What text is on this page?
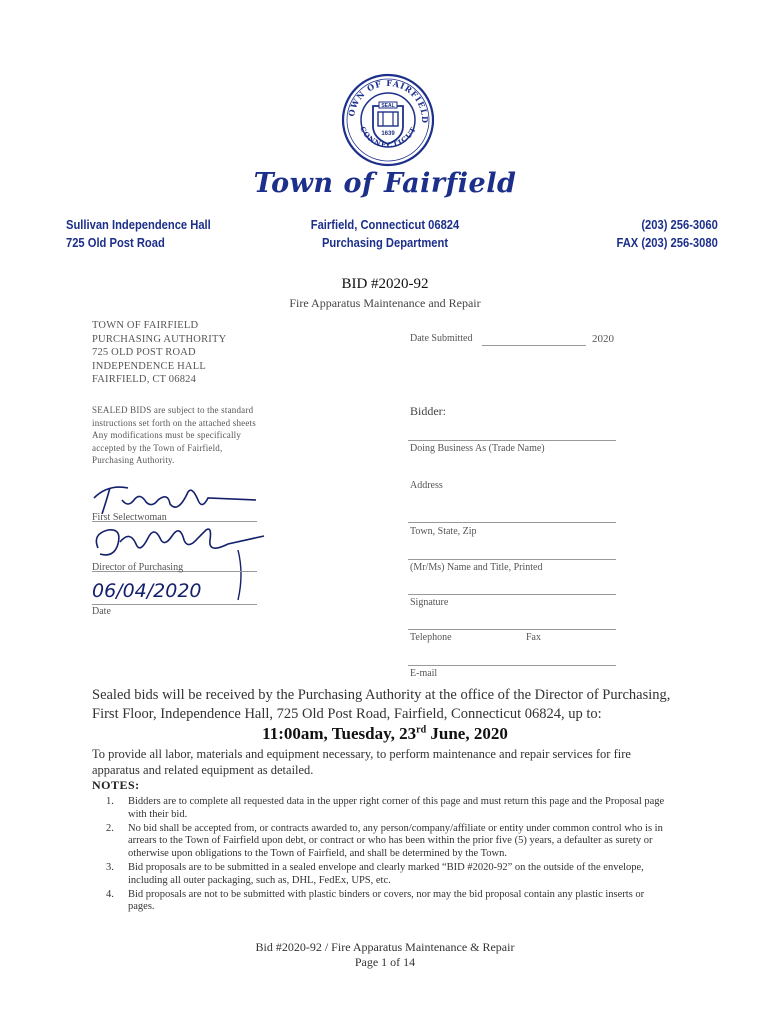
OWN OF FAIRFIELD
CONNECTICUT
SEAL
1639
Town of Fairfield
Sullivan Independence Hall
725 Old Post Road
Fairfield, Connecticut 06824
Purchasing Department
(203) 256-3060
FAX (203) 256-3080
BID #2020-92
Fire Apparatus Maintenance and Repair
TOWN OF FAIRFIELD
PURCHASING AUTHORITY
725 OLD POST ROAD
INDEPENDENCE HALL
FAIRFIELD, CT 06824
SEALED BIDS are subject to the standard
instructions set forth on the attached sheets
Any modifications must be specifically
accepted by the Town of Fairfield,
Purchasing Authority.
First Selectwoman
Director of Purchasing
06/04/2020
Date
Date Submitted	2020
Bidder:
Doing Business As (Trade Name)
Address
Town, State, Zip
(Mr/Ms) Name and Title, Printed
Signature
Telephone	Fax
E-mail
Sealed bids will be received by the Purchasing Authority at the office of the Director of Purchasing,
First Floor, Independence Hall, 725 Old Post Road, Fairfield, Connecticut 06824, up to:
11:00am, Tuesday, 23rd June, 2020
To provide all labor, materials and equipment necessary, to perform maintenance and repair services for fire apparatus and related equipment as detailed.
NOTES:
1. Bidders are to complete all requested data in the upper right corner of this page and must return this page and the Proposal page with their bid.
2. No bid shall be accepted from, or contracts awarded to, any person/company/affiliate or entity under common control who is in arrears to the Town of Fairfield upon debt, or contract or who has been within the prior five (5) years, a defaulter as surety or otherwise upon obligations to the Town of Fairfield, and shall be determined by the Town.
3. Bid proposals are to be submitted in a sealed envelope and clearly marked “BID #2020-92” on the outside of the envelope, including all outer packaging, such as, DHL, FedEx, UPS, etc.
4. Bid proposals are not to be submitted with plastic binders or covers, nor may the bid proposal contain any plastic inserts or pages.
Bid #2020-92 / Fire Apparatus Maintenance & Repair
Page 1 of 14
